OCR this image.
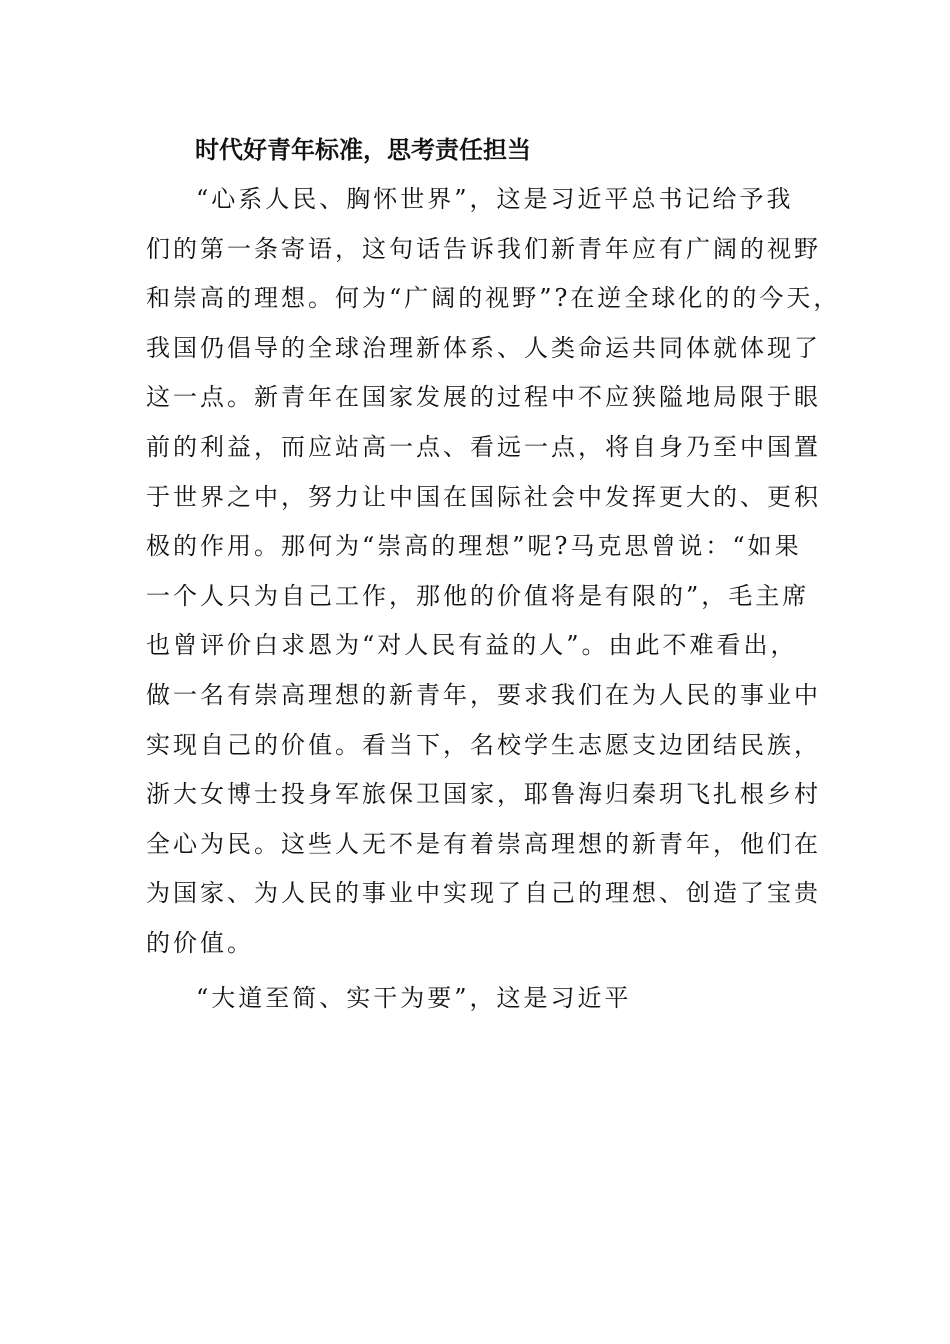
时代好青年标准，思考责任担当
“心系人民、胸怀世界”，这是习近平总书记给予我
们的第一条寄语，这句话告诉我们新青年应有广阔的视野
和崇高的理想。何为“广阔的视野”?在逆全球化的的今天，
我国仍倡导的全球治理新体系、人类命运共同体就体现了
这一点。新青年在国家发展的过程中不应狭隘地局限于眼
前的利益，而应站高一点、看远一点，将自身乃至中国置
于世界之中，努力让中国在国际社会中发挥更大的、更积
极的作用。那何为“崇高的理想”呢?马克思曾说：“如果
一个人只为自己工作，那他的价值将是有限的”，毛主席
也曾评价白求恩为“对人民有益的人”。由此不难看出，
做一名有崇高理想的新青年，要求我们在为人民的事业中
实现自己的价值。看当下，名校学生志愿支边团结民族，
浙大女博士投身军旅保卫国家，耶鲁海归秦玥飞扎根乡村
全心为民。这些人无不是有着崇高理想的新青年，他们在
为国家、为人民的事业中实现了自己的理想、创造了宝贵
的价值。
“大道至简、实干为要”，这是习近平
